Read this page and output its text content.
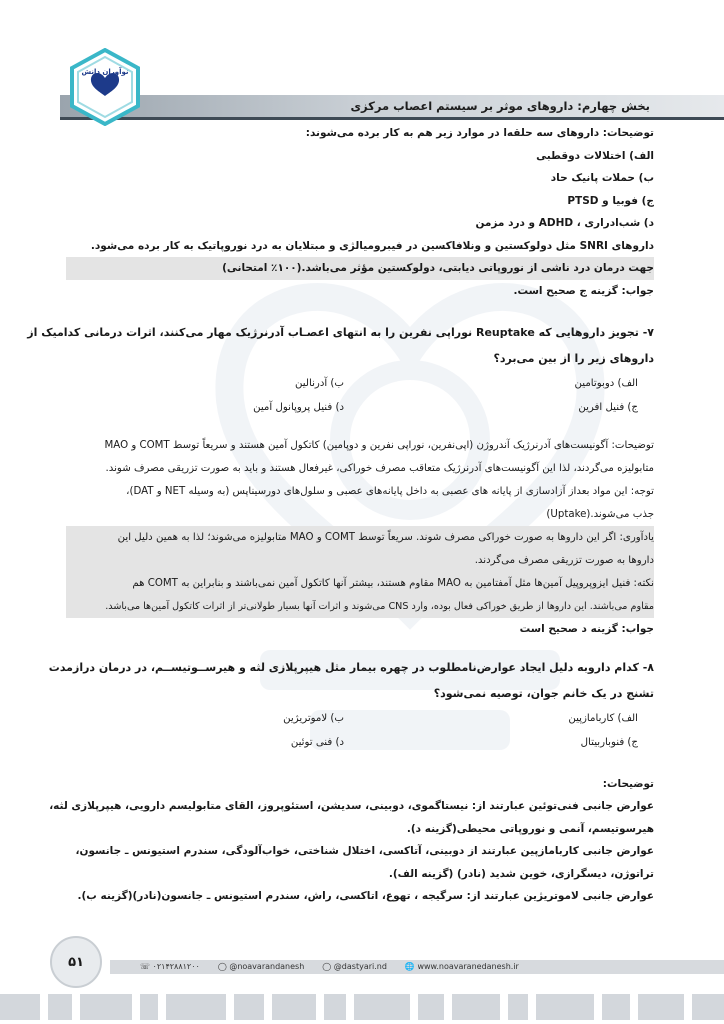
بخش چهارم: داروهای موثر بر سیستم اعصاب مرکزی
نوآوران دانش
توضیحات: داروهای سه حلقه‌ا در موارد زیر هم به کار برده می‌شوند:
الف) اختلالات دوقطبی
ب) حملات پانیک حاد
ج) فوبیا و PTSD
د) شب‌ادراری ، ADHD و درد مزمن
داروهای SNRI مثل دولوکستین و ونلافاکسین در فیبرومیالژی و مبتلایان به درد نوروپاتیک به کار برده می‌شود.
جهت درمان درد ناشی از نوروپاتی دیابتی، دولوکستین مؤثر می‌باشد.(۱۰۰٪ امتحانی)
جواب: گزینه ج صحیح است.
۷- تجویز داروهایی که Reuptake نوراپی نفرین را به انتهای اعصـاب آدرنرژیک مهار می‌کنند، اثرات درمانی کدامیک از
داروهای زیر را از بین می‌برد؟
الف) دوبوتامین
ب) آدرنالین
ج) فنیل افرین
د) فنیل پروپانول آمین
توضیحات: آگونیست‌های آدرنرژیک آندروژن (اپی‌نفرین، نوراپی نفرین و دوپامین) کاتکول آمین هستند و سریعاً توسط COMT و MAO
متابولیزه می‌گردند، لذا این آگونیست‌های آدرنرژیک متعاقب مصرف خوراکی، غیرفعال هستند و باید به صورت تزریقی مصرف شوند.
توجه: این مواد بعداز آزادسازی از پایانه های عصبی به داخل پایانه‌های عصبی و سلول‌های دورسیناپس (به وسیله NET و DAT)،
جذب می‌شوند.(Uptake)
یادآوری: اگر این داروها به صورت خوراکی مصرف شوند. سریعاً توسط COMT و MAO متابولیزه می‌شوند؛ لذا به همین دلیل این
داروها به صورت تزریقی مصرف می‌گردند.
نکته: فنیل ایزوپروپیل آمین‌ها مثل آمفتامین به MAO مقاوم هستند، بیشتر آنها کاتکول آمین نمی‌باشند و بنابراین به COMT هم
مقاوم می‌باشند. این داروها از طریق خوراکی فعال بوده، وارد CNS می‌شوند و اثرات آنها بسیار طولانی‌تر از اثرات کاتکول آمین‌ها می‌باشد.
جواب: گزینه د صحیح است
۸- کدام داروبه دلیل ایجاد عوارض‌نامطلوب در چهره بیمار مثل هیپرپلازی لثه و هیرســوتیســم، در درمان دراز‌مدت
تشنج در یک خانم جوان، توصیه نمی‌شود؟
الف) کاربامازپین
ب) لاموتریژین
ج) فنوباربیتال
د) فنی توئین
توضیحات:
عوارض جانبی فنی‌توئین عبارتند از: نیستاگموی، دوبینی، سدیشن، استئوپروز، القای متابولیسم دارویی، هیپرپلازی لثه،
هیرسوتیسم، آنمی و نوروپاتی محیطی(گزینه د).
عوارض جانبی کاربامازپین عبارتند از دوبینی، آتاکسی، اختلال شناختی، خواب‌آلودگی، سندرم استیونس ـ جانسون،
تراتوژن، دیسگرازی، خوین شدید (نادر) (گزینه الف).
عوارض جانبی لاموتریژین عبارتند از: سرگیجه ، تهوع، اتاکسی، راش، سندرم استیونس ـ جانسون(نادر)(گزینه ب).
☏ ۰۲۱۴۲۸۸۱۲۰۰ ◯ @noavarandanesh ◯ @dastyari.nd 🌐 www.noavaranedanesh.ir
۵۱
